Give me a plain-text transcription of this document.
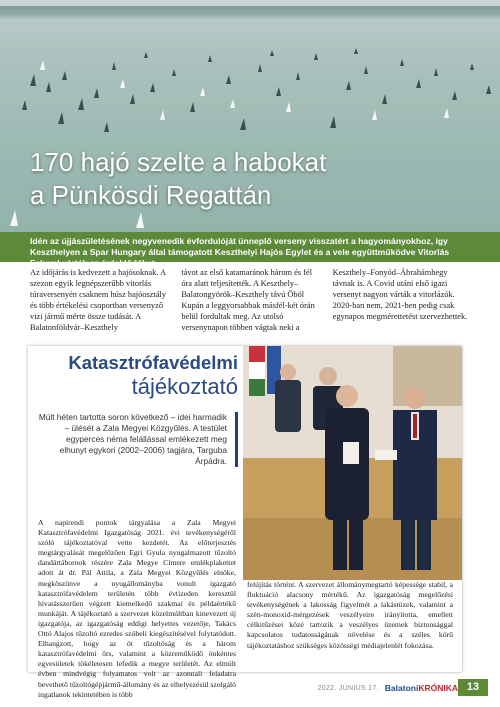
170 hajó szelte a habokat
a Pünkösdi Regattán

Idén az újjászületésének negyvenedik évfordulóját ünneplő verseny visszatért a hagyományokhoz, így Keszthelyen a Spar Hungary által támogatott Keszthelyi Hajós Egylet és a vele együttműködve Vitorlás Faluval várták az érdeklődőket.

Az időjárás is kedvezett a hajósoknak. A szezon egyik legnépszerűbb vitorlás túraversenyén csaknem húsz hajóosztály és több értékelési csoportban versenyző vizi jármű mérte össze tudását. A Balatonföldvár–Keszthely

távot az első katamaránok három és fél óra alatt teljesítették. A Keszthely–Balatongyörök–Keszthely távú Öböl Kupán a leggyorsabbak másfél-két órán belül fordultak meg. Az utolsó versenynapon többen vágtak neki a

Keszthely–Fonyód–Ábrahámhegy távnak is. A Covid utáni első igazi versenyt nagyon várták a vitorlázók. 2020-ban nem, 2021-ben pedig csak egynapos megmérettetést szervezhettek.

Katasztrófavédelmi
tájékoztató

Múlt héten tartotta soron következő – idei harmadik – ülését a Zala Megyei Közgyűlés. A testület egyperces néma felállással emlékezett meg elhunyt egykori (2002–2006) tagjára, Targuba Árpádra.

A napirendi pontok tárgyalása a Zala Megyei Katasztrófavédelmi Igazgatóság 2021. évi tevékenységéről szóló tájékoztatóval vette kezdetét. Az előterjesztés megtárgyalását megelőzően Egri Gyula nyugalmazott tűzoltó dandártábornok részére Zala Megye Címere emlékplakettet adott át dr. Pál Attila, a Zala Megyei Közgyűlés elnöke, megköszönve a nyugállományba vonult igazgató katasztrófavédelem területén több évtizeden keresztül hivatásszerűen végzett kiemelkedő szakmai és példaértékű munkáját. A tájékoztató a szervezet közelmúltban kinevezett új igazgatója, az igazgatóság eddigi helyettes vezetője, Takács Ottó Alajos tűzoltó ezredes szóbeli kiegészítésével folytatódott. Elhangzott, hogy az öt tűzoltóság és a három katasztrófavédelmi őrs, valamint a közreműködő önkéntes egyesületek tökéletesen lefedik a megye területét. Az elmúlt évben mindvégig folyamatos volt az azonnali feladatra bevethető tűzoltógépjármű-állomány és az elhelyezésül szolgáló ingatlanok tekintetében is több

felújítás történt. A szervezet állománymegtartó képessége stabil, a fluktuáció alacsony mértékű. Az igazgatóság megelőzési tevékenységének a lakosság figyelmét a lakástüzek, valamint a szén-monoxid-mérgezések veszélyeire irányította, emellett célkitűzései közé tartozik a veszélyes üzemek biztonsággal kapcsolatos tudatosságának növelése és a széles körű tájékoztatáshoz szükséges közösségi médiajelenlét fokozása.

2022. JÚNIUS 17. BalatoniKRÓNIKA 13
